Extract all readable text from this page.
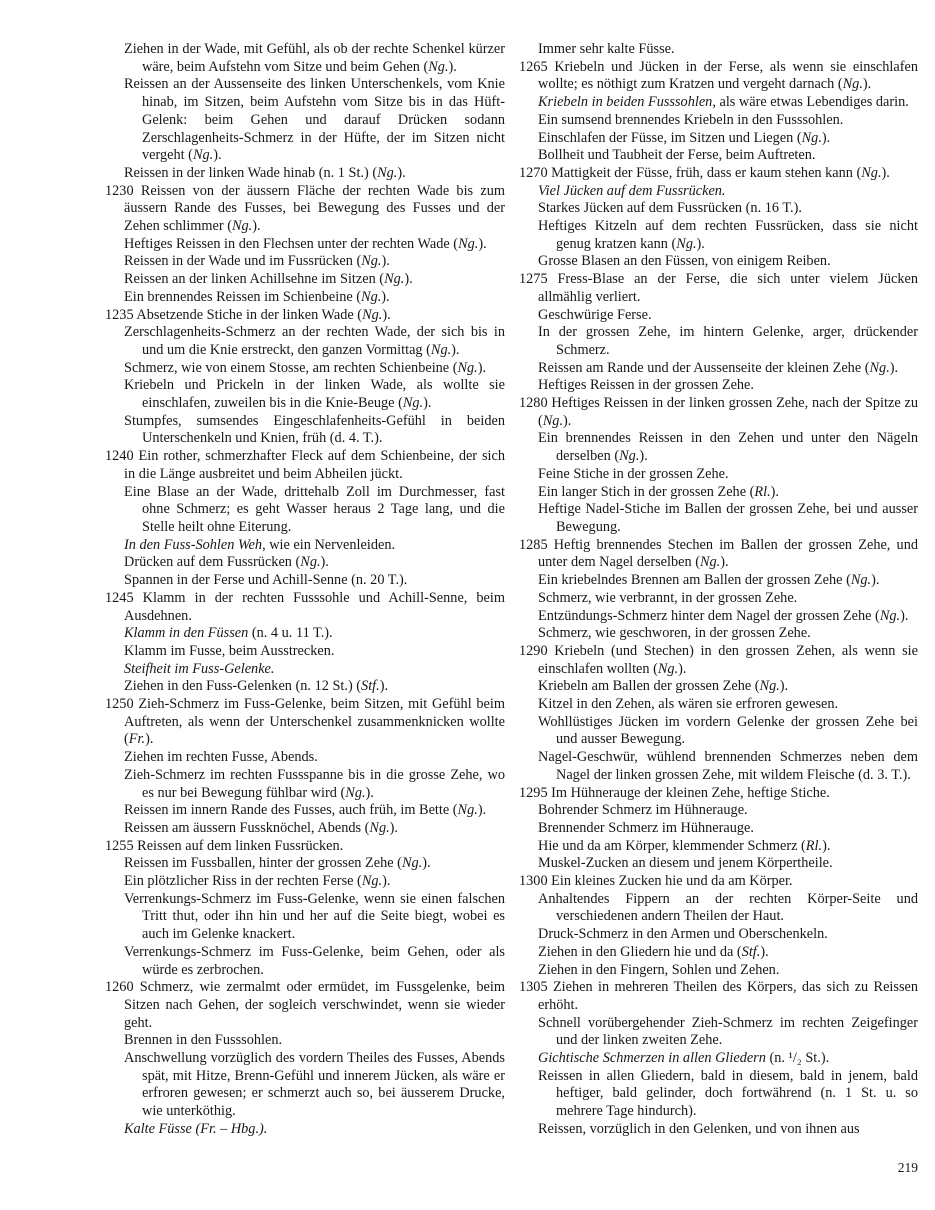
Ziehen in der Wade, mit Gefühl, als ob der rechte Schenkel kürzer wäre, beim Aufstehn vom Sitze und beim Gehen (Ng.).

Reissen an der Aussenseite des linken Unterschenkels, vom Knie hinab, im Sitzen, beim Aufstehn vom Sitze bis in das Hüft-Gelenk: beim Gehen und darauf Drücken sodann Zerschlagenheits-Schmerz in der Hüfte, der im Sitzen nicht vergeht (Ng.).

Reissen in der linken Wade hinab (n. 1 St.) (Ng.).

1230 Reissen von der äussern Fläche der rechten Wade bis zum äussern Rande des Fusses, bei Bewegung des Fusses und der Zehen schlimmer (Ng.).

Heftiges Reissen in den Flechsen unter der rechten Wade (Ng.).

Reissen in der Wade und im Fussrücken (Ng.).

Reissen an der linken Achillsehne im Sitzen (Ng.).

Ein brennendes Reissen im Schienbeine (Ng.).

1235 Absetzende Stiche in der linken Wade (Ng.).

Zerschlagenheits-Schmerz an der rechten Wade, der sich bis in und um die Knie erstreckt, den ganzen Vormittag (Ng.).

Schmerz, wie von einem Stosse, am rechten Schienbeine (Ng.).

Kriebeln und Prickeln in der linken Wade, als wollte sie einschlafen, zuweilen bis in die Knie-Beuge (Ng.).

Stumpfes, sumsendes Eingeschlafenheits-Gefühl in beiden Unterschenkeln und Knien, früh (d. 4. T.).

1240 Ein rother, schmerzhafter Fleck auf dem Schienbeine, der sich in die Länge ausbreitet und beim Abheilen jückt.

Eine Blase an der Wade, drittehalb Zoll im Durchmesser, fast ohne Schmerz; es geht Wasser heraus 2 Tage lang, und die Stelle heilt ohne Eiterung.

In den Fuss-Sohlen Weh, wie ein Nervenleiden.

Drücken auf dem Fussrücken (Ng.).

Spannen in der Ferse und Achill-Senne (n. 20 T.).

1245 Klamm in der rechten Fusssohle und Achill-Senne, beim Ausdehnen.

Klamm in den Füssen (n. 4 u. 11 T.).

Klamm im Fusse, beim Ausstrecken.

Steifheit im Fuss-Gelenke.

Ziehen in den Fuss-Gelenken (n. 12 St.) (Stf.).

1250 Zieh-Schmerz im Fuss-Gelenke, beim Sitzen, mit Gefühl beim Auftreten, als wenn der Unterschenkel zusammenknicken wollte (Fr.).

Ziehen im rechten Fusse, Abends.

Zieh-Schmerz im rechten Fussspanne bis in die grosse Zehe, wo es nur bei Bewegung fühlbar wird (Ng.).

Reissen im innern Rande des Fusses, auch früh, im Bette (Ng.).

Reissen am äussern Fussknöchel, Abends (Ng.).

1255 Reissen auf dem linken Fussrücken.

Reissen im Fussballen, hinter der grossen Zehe (Ng.).

Ein plötzlicher Riss in der rechten Ferse (Ng.).

Verrenkungs-Schmerz im Fuss-Gelenke, wenn sie einen falschen Tritt thut, oder ihn hin und her auf die Seite biegt, wobei es auch im Gelenke knackert.

Verrenkungs-Schmerz im Fuss-Gelenke, beim Gehen, oder als würde es zerbrochen.

1260 Schmerz, wie zermalmt oder ermüdet, im Fussgelenke, beim Sitzen nach Gehen, der sogleich verschwindet, wenn sie wieder geht.

Brennen in den Fusssohlen.

Anschwellung vorzüglich des vordern Theiles des Fusses, Abends spät, mit Hitze, Brenn-Gefühl und innerem Jücken, als wäre er erfroren gewesen; er schmerzt auch so, bei äusserem Drucke, wie unterköthig.

Kalte Füsse (Fr. – Hbg.).

Immer sehr kalte Füsse.

1265 Kriebeln und Jücken in der Ferse, als wenn sie einschlafen wollte; es nöthigt zum Kratzen und vergeht darnach (Ng.).

Kriebeln in beiden Fusssohlen, als wäre etwas Lebendiges darin.

Ein sumsend brennendes Kriebeln in den Fusssohlen.

Einschlafen der Füsse, im Sitzen und Liegen (Ng.).

Bollheit und Taubheit der Ferse, beim Auftreten.

1270 Mattigkeit der Füsse, früh, dass er kaum stehen kann (Ng.).

Viel Jücken auf dem Fussrücken.

Starkes Jücken auf dem Fussrücken (n. 16 T.).

Heftiges Kitzeln auf dem rechten Fussrücken, dass sie nicht genug kratzen kann (Ng.).

Grosse Blasen an den Füssen, von einigem Reiben.

1275 Fress-Blase an der Ferse, die sich unter vielem Jücken allmählig verliert.

Geschwürige Ferse.

In der grossen Zehe, im hintern Gelenke, arger, drückender Schmerz.

Reissen am Rande und der Aussenseite der kleinen Zehe (Ng.).

Heftiges Reissen in der grossen Zehe.

1280 Heftiges Reissen in der linken grossen Zehe, nach der Spitze zu (Ng.).

Ein brennendes Reissen in den Zehen und unter den Nägeln derselben (Ng.).

Feine Stiche in der grossen Zehe.

Ein langer Stich in der grossen Zehe (Rl.).

Heftige Nadel-Stiche im Ballen der grossen Zehe, bei und ausser Bewegung.

1285 Heftig brennendes Stechen im Ballen der grossen Zehe, und unter dem Nagel derselben (Ng.).

Ein kriebelndes Brennen am Ballen der grossen Zehe (Ng.).

Schmerz, wie verbrannt, in der grossen Zehe.

Entzündungs-Schmerz hinter dem Nagel der grossen Zehe (Ng.).

Schmerz, wie geschworen, in der grossen Zehe.

1290 Kriebeln (und Stechen) in den grossen Zehen, als wenn sie einschlafen wollten (Ng.).

Kriebeln am Ballen der grossen Zehe (Ng.).

Kitzel in den Zehen, als wären sie erfroren gewesen.

Wohllüstiges Jücken im vordern Gelenke der grossen Zehe bei und ausser Bewegung.

Nagel-Geschwür, wühlend brennenden Schmerzes neben dem Nagel der linken grossen Zehe, mit wildem Fleische (d. 3. T.).

1295 Im Hühnerauge der kleinen Zehe, heftige Stiche.

Bohrender Schmerz im Hühnerauge.

Brennender Schmerz im Hühnerauge.

Hie und da am Körper, klemmender Schmerz (Rl.).

Muskel-Zucken an diesem und jenem Körpertheile.

1300 Ein kleines Zucken hie und da am Körper.

Anhaltendes Fippern an der rechten Körper-Seite und verschiedenen andern Theilen der Haut.

Druck-Schmerz in den Armen und Oberschenkeln.

Ziehen in den Gliedern hie und da (Stf.).

Ziehen in den Fingern, Sohlen und Zehen.

1305 Ziehen in mehreren Theilen des Körpers, das sich zu Reissen erhöht.

Schnell vorübergehender Zieh-Schmerz im rechten Zeigefinger und der linken zweiten Zehe.

Gichtische Schmerzen in allen Gliedern (n. ¹/₂ St.).

Reissen in allen Gliedern, bald in diesem, bald in jenem, bald heftiger, bald gelinder, doch fortwährend (n. 1 St. u. so mehrere Tage hindurch).

Reissen, vorzüglich in den Gelenken, und von ihnen aus

219
